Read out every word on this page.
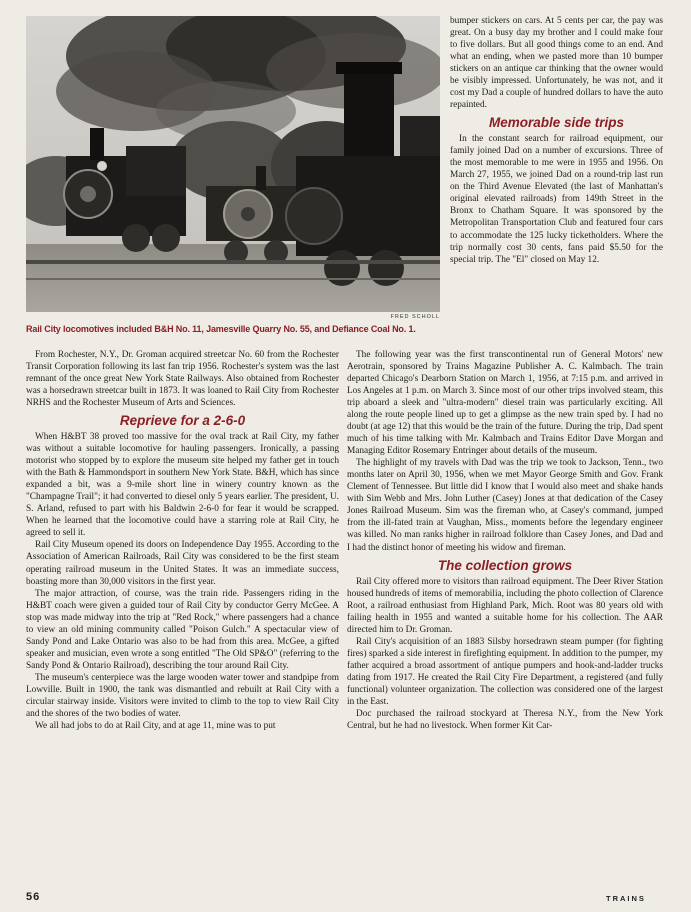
FRED SCHOLL
Rail City locomotives included B&H No. 11, Jamesville Quarry No. 55, and Defiance Coal No. 1.

bumper stickers on cars. At 5 cents per car, the pay was great. On a busy day my brother and I could make four to five dollars. But all good things come to an end. And what an ending, when we pasted more than 10 bumper stickers on an antique car thinking that the owner would be visibly impressed. Unfortunately, he was not, and it cost my Dad a couple of hundred dollars to have the auto repainted.

Memorable side trips

In the constant search for railroad equipment, our family joined Dad on a number of excursions. Three of the most memorable to me were in 1955 and 1956. On March 27, 1955, we joined Dad on a round-trip last run on the Third Avenue Elevated (the last of Manhattan's original elevated railroads) from 149th Street in the Bronx to Chatham Square. It was sponsored by the Metropolitan Transportation Club and featured four cars to accommodate the 125 lucky ticketholders. Where the trip normally cost 30 cents, fans paid $5.50 for the special trip. The "El" closed on May 12.

From Rochester, N.Y., Dr. Groman acquired streetcar No. 60 from the Rochester Transit Corporation following its last fan trip 1956. Rochester's system was the last remnant of the once great New York State Railways. Also obtained from Rochester was a horsedrawn streetcar built in 1873. It was loaned to Rail City from Rochester NRHS and the Rochester Museum of Arts and Sciences.

Reprieve for a 2-6-0

When H&BT 38 proved too massive for the oval track at Rail City, my father was without a suitable locomotive for hauling passengers. Ironically, a passing motorist who stopped by to explore the museum site helped my father get in touch with the Bath & Hammondsport in southern New York State. B&H, which has since expanded a bit, was a 9-mile short line in winery country known as the "Champagne Trail"; it had converted to diesel only 5 years earlier. The president, U. S. Arland, refused to part with his Baldwin 2-6-0 for fear it would be scrapped. When he learned that the locomotive could have a starring role at Rail City, he agreed to sell it.

Rail City Museum opened its doors on Independence Day 1955. According to the Association of American Railroads, Rail City was considered to be the first steam operating railroad museum in the United States. It was an immediate success, boasting more than 30,000 visitors in the first year.

The major attraction, of course, was the train ride. Passengers riding in the H&BT coach were given a guided tour of Rail City by conductor Gerry McGee. A stop was made midway into the trip at "Red Rock," where passengers had a chance to view an old mining community called "Poison Gulch." A spectacular view of Sandy Pond and Lake Ontario was also to be had from this area. McGee, a gifted speaker and musician, even wrote a song entitled "The Old SP&O" (referring to the Sandy Pond & Ontario Railroad), describing the tour around Rail City.

The museum's centerpiece was the large wooden water tower and standpipe from Lowville. Built in 1900, the tank was dismantled and rebuilt at Rail City with a circular stairway inside. Visitors were invited to climb to the top to view Rail City and the shores of the two bodies of water.

We all had jobs to do at Rail City, and at age 11, mine was to put

The following year was the first transcontinental run of General Motors' new Aerotrain, sponsored by Trains Magazine Publisher A. C. Kalmbach. The train departed Chicago's Dearborn Station on March 1, 1956, at 7:15 p.m. and arrived in Los Angeles at 1 p.m. on March 3. Since most of our other trips involved steam, this trip aboard a sleek and "ultra-modern" diesel train was particularly exciting. All along the route people lined up to get a glimpse as the new train sped by. I had no doubt (at age 12) that this would be the train of the future. During the trip, Dad spent much of his time talking with Mr. Kalmbach and Trains Editor Dave Morgan and Managing Editor Rosemary Entringer about details of the museum.

The highlight of my travels with Dad was the trip we took to Jackson, Tenn., two months later on April 30, 1956, when we met Mayor George Smith and Gov. Frank Clement of Tennessee. But little did I know that I would also meet and shake hands with Sim Webb and Mrs. John Luther (Casey) Jones at that dedication of the Casey Jones Railroad Museum. Sim was the fireman who, at Casey's command, jumped from the ill-fated train at Vaughan, Miss., moments before the legendary engineer was killed. No man ranks higher in railroad folklore than Casey Jones, and Dad and I had the distinct honor of meeting his widow and fireman.

The collection grows

Rail City offered more to visitors than railroad equipment. The Deer River Station housed hundreds of items of memorabilia, including the photo collection of Clarence Root, a railroad enthusiast from Highland Park, Mich. Root was 80 years old with failing health in 1955 and wanted a suitable home for his collection. The AAR directed him to Dr. Groman.

Rail City's acquisition of an 1883 Silsby horsedrawn steam pumper (for fighting fires) sparked a side interest in firefighting equipment. In addition to the pumper, my father acquired a broad assortment of antique pumpers and hook-and-ladder trucks dating from 1917. He created the Rail City Fire Department, a registered (and fully functional) volunteer organization. The collection was considered one of the largest in the East.

Doc purchased the railroad stockyard at Theresa N.Y., from the New York Central, but he had no livestock. When former Kit Car-

56	TRAINS
